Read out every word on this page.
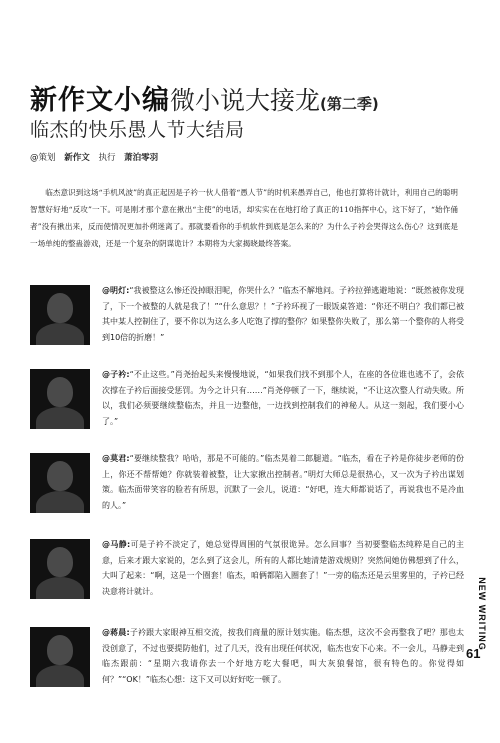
新作文小编微小说大接龙(第二季)
临杰的快乐愚人节大结局
@策划 新作文 执行 萧泊零羽
临杰意识到这场“手机风波”的真正起因是子衿一伙人借着“愚人节”的时机来愚弄自己，他也打算将计就计，利用自己的聪明智慧好好地“反攻”一下。可是刚才那个意在揪出“主使”的电话，却实实在在地打给了真正的110指挥中心，这下好了，“始作俑者”没有揪出来，反而使情况更加扑朔迷离了。那就要看你的手机软件到底是怎么来的？为什么子衿会哭得这么伤心？这到底是一场单纯的整蛊游戏，还是一个复杂的阴谋诡计？本期将为大家揭晓最终答案。
@明灯:“我被整这么惨还没掉眼泪呢，你哭什么？”临杰不解地问。子衿拉弹逃避地说：“既然被你发现了，下一个被整的人就是我了！”“什么意思？！”子衿环视了一眼饭桌答道：“你还不明白？我们都已被其中某人控制住了，要不你以为这么多人吃饱了撑的整你？如果整你失败了，那么第一个整你的人将受到10倍的折磨！”
@子衿:“不止这些。”肖尧抬起头来慢慢地说，“如果我们找不到那个人，在座的各位谁也逃不了，会依次撑在子衿后面接受惩罚。为今之计只有……”肖尧停顿了一下，继续说，“不让这次整人行动失败。所以，我们必须要继续整临杰，并且一边整他，一边找到控制我们的神秘人。从这一刻起，我们要小心了。”
@莫君:“要继续整我？哈哈，那是不可能的。”临杰晃着二郎腿道。“临杰，看在子衿是你徒步老师的份上，你还不帮帮她？你就装着被整，让大家揪出控制者。”明灯大师总是很热心，又一次为子衿出谋划策。临杰面带笑容的脸若有所思，沉默了一会儿，说道：“好吧，连大师都说话了，再说我也不是冷血的人。”
@马静:可是子衿不淡定了，她总觉得周围的气氛很诡异。怎么回事？当初要整临杰纯粹是自己的主意，后来才跟大家说的，怎么到了这会儿，所有的人都比她清楚游戏规则？突然间她仿佛想到了什么，大叫了起来：“啊，这是一个圈套！临杰，咱俩都陷入圈套了！”一旁的临杰还是云里雾里的，子衿已经决意将计就计。
@蒋晨:子衿跟大家眼神互相交流，按我们商量的原计划实施。临杰想，这次不会再整我了吧？那也太没创意了，不过也要提防他们，过了几天，没有出现任何状况，临杰也安下心来。不一会儿，马静走到临杰跟前：“星期六我请你去一个好地方吃大餐吧，叫大灰狼餐馆，很有特色的。你觉得如何？”“OK！”临杰心想：这下又可以好好吃一顿了。
NEW WRITING
61
